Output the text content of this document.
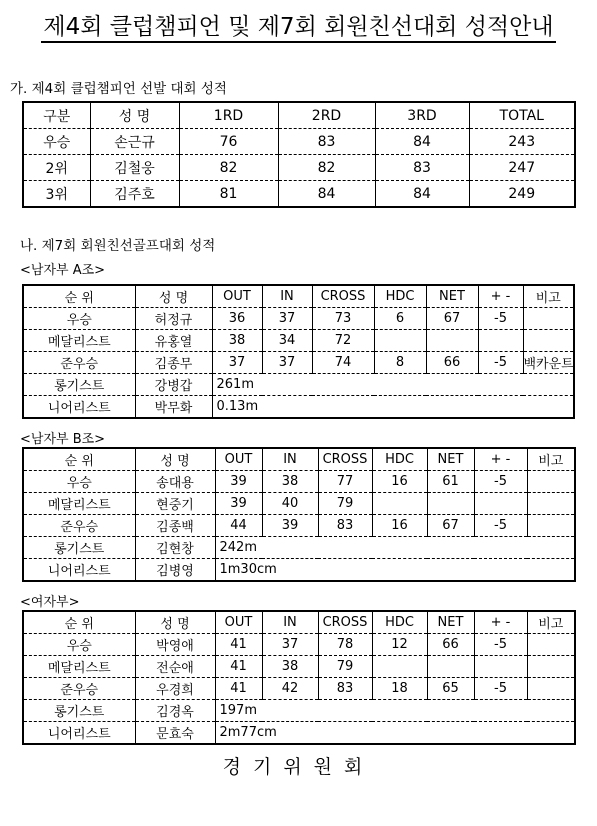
제4회 클럽챔피언 및 제7회 회원친선대회 성적안내
가. 제4회 클럽챔피언 선발 대회 성적
구분	성 명	1RD	2RD	3RD	TOTAL
우승	손근규	76	83	84	243
2위	김철웅	82	82	83	247
3위	김주호	81	84	84	249
나. 제7회 회원친선골프대회 성적
<남자부 A조>
순 위	성 명	OUT	IN	CROSS	HDC	NET	+ -	비고
우승	허정규	36	37	73	6	67	-5	
메달리스트	유홍열	38	34	72				
준우승	김종무	37	37	74	8	66	-5	백카운트
롱기스트	강병갑	261m						
니어리스트	박무화	0.13m						
<남자부 B조>
순 위	성 명	OUT	IN	CROSS	HDC	NET	+ -	비고
우승	송대용	39	38	77	16	61	-5	
메달리스트	현중기	39	40	79				
준우승	김종백	44	39	83	16	67	-5	
롱기스트	김현창	242m						
니어리스트	김병영	1m30cm						
<여자부>
순 위	성 명	OUT	IN	CROSS	HDC	NET	+ -	비고
우승	박영애	41	37	78	12	66	-5	
메달리스트	전순애	41	38	79				
준우승	우경희	41	42	83	18	65	-5	
롱기스트	김경옥	197m						
니어리스트	문효숙	2m77cm						
경기위원회
